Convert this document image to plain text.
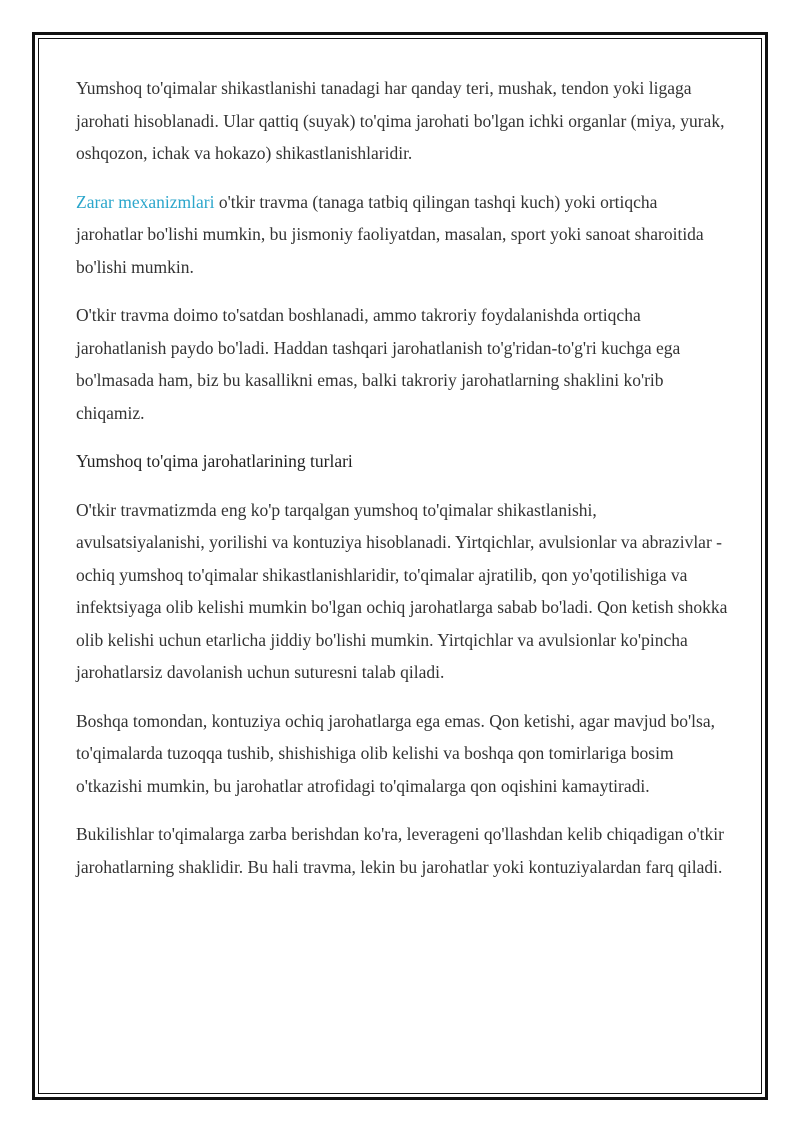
Yumshoq to'qimalar shikastlanishi tanadagi har qanday teri, mushak, tendon yoki ligaga jarohati hisoblanadi. Ular qattiq (suyak) to'qima jarohati bo'lgan ichki organlar (miya, yurak, oshqozon, ichak va hokazo) shikastlanishlaridir.

Zarar mexanizmlari o'tkir travma (tanaga tatbiq qilingan tashqi kuch) yoki ortiqcha jarohatlar bo'lishi mumkin, bu jismoniy faoliyatdan, masalan, sport yoki sanoat sharoitida bo'lishi mumkin.

O'tkir travma doimo to'satdan boshlanadi, ammo takroriy foydalanishda ortiqcha jarohatlanish paydo bo'ladi. Haddan tashqari jarohatlanish to'g'ridan-to'g'ri kuchga ega bo'lmasada ham, biz bu kasallikni emas, balki takroriy jarohatlarning shaklini ko'rib chiqamiz.

Yumshoq to'qima jarohatlarining turlari

O'tkir travmatizmda eng ko'p tarqalgan yumshoq to'qimalar shikastlanishi, avulsatsiyalanishi, yorilishi va kontuziya hisoblanadi. Yirtqichlar, avulsionlar va abrazivlar - ochiq yumshoq to'qimalar shikastlanishlaridir, to'qimalar ajratilib, qon yo'qotilishiga va infektsiyaga olib kelishi mumkin bo'lgan ochiq jarohatlarga sabab bo'ladi. Qon ketish shokka olib kelishi uchun etarlicha jiddiy bo'lishi mumkin. Yirtqichlar va avulsionlar ko'pincha jarohatlarsiz davolanish uchun suturesni talab qiladi.

Boshqa tomondan, kontuziya ochiq jarohatlarga ega emas. Qon ketishi, agar mavjud bo'lsa, to'qimalarda tuzoqqa tushib, shishishiga olib kelishi va boshqa qon tomirlariga bosim o'tkazishi mumkin, bu jarohatlar atrofidagi to'qimalarga qon oqishini kamaytiradi.

Bukilishlar to'qimalarga zarba berishdan ko'ra, leverageni qo'llashdan kelib chiqadigan o'tkir jarohatlarning shaklidir. Bu hali travma, lekin bu jarohatlar yoki kontuziyalardan farq qiladi.
